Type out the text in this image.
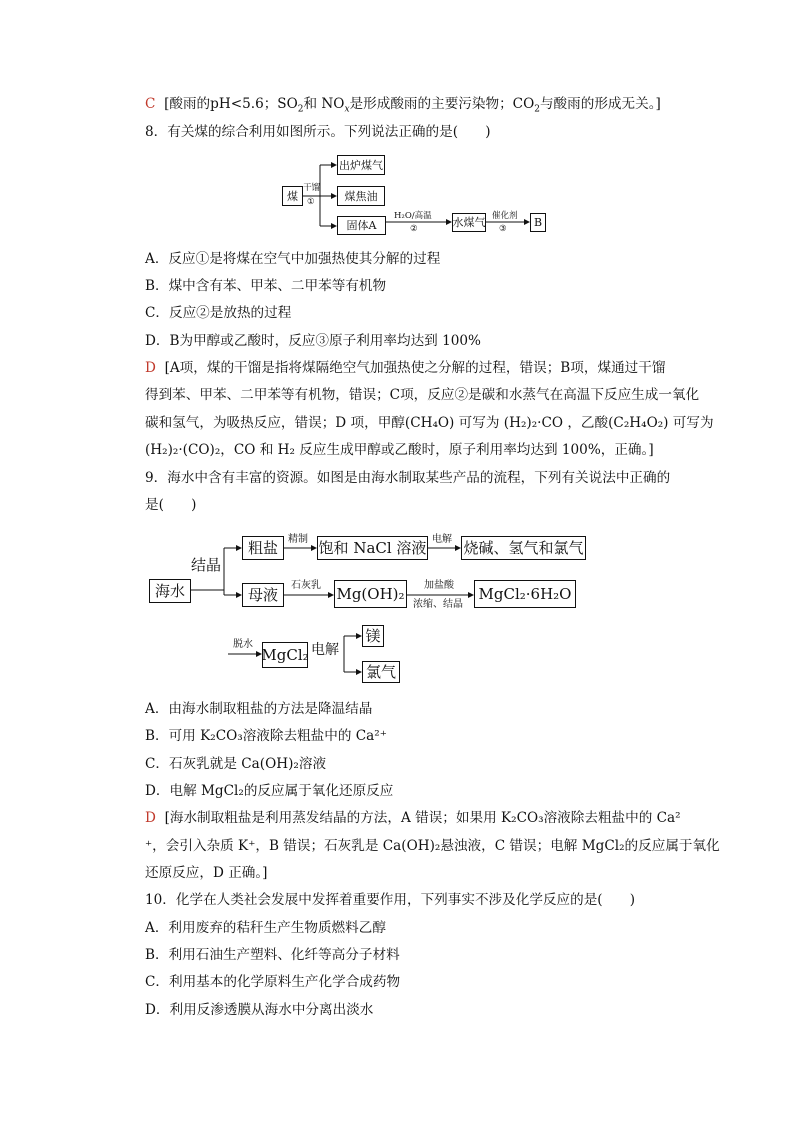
C [酸雨的pH<5.6；$SO_2$和 $NO_x$是形成酸雨的主要污染物；$CO_2$与酸雨的形成无关。]
8．有关煤的综合利用如图所示。下列说法正确的是(　　)
煤
干馏
①
出炉煤气
煤焦油
固体A
H₂O/高温
②	水煤气 催化剂
③	B
A．反应①是将煤在空气中加强热使其分解的过程
B．煤中含有苯、甲苯、二甲苯等有机物
C．反应②是放热的过程
D．B为甲醇或乙酸时，反应③原子利用率均达到 100%
D [A项，煤的干馏是指将煤隔绝空气加强热使之分解的过程，错误；B项，煤通过干馏
得到苯、甲苯、二甲苯等有机物，错误；C项，反应②是碳和水蒸气在高温下反应生成一氧化
碳和氢气，为吸热反应，错误；D 项，甲醇(CH₄O) 可写为 (H₂)₂·CO ，乙酸(C₂H₄O₂) 可写为
(H₂)₂·(CO)₂，CO 和 H₂ 反应生成甲醇或乙酸时，原子利用率均达到 100%，正确。]
9．海水中含有丰富的资源。如图是由海水制取某些产品的流程，下列有关说法中正确的
是(　　)
海水
粗盐	饱和 NaCl 溶液 烧碱、氢气和氯气
母液	Mg(OH)₂	MgCl₂·6H₂O
MgCl₂
镁
氯气
结晶
精制	电解
石灰乳	加盐酸
浓缩、结晶
脱水	电解
A．由海水制取粗盐的方法是降温结晶
B．可用 K₂CO₃溶液除去粗盐中的 Ca²⁺
C．石灰乳就是 Ca(OH)₂溶液
D．电解 MgCl₂的反应属于氧化还原反应
D [海水制取粗盐是利用蒸发结晶的方法，A 错误；如果用 K₂CO₃溶液除去粗盐中的 Ca²
⁺，会引入杂质 K⁺，B 错误；石灰乳是 Ca(OH)₂悬浊液，C 错误；电解 MgCl₂的反应属于氧化
还原反应，D 正确。]
10．化学在人类社会发展中发挥着重要作用，下列事实不涉及化学反应的是(　　)
A．利用废弃的秸秆生产生物质燃料乙醇
B．利用石油生产塑料、化纤等高分子材料
C．利用基本的化学原料生产化学合成药物
D．利用反渗透膜从海水中分离出淡水
